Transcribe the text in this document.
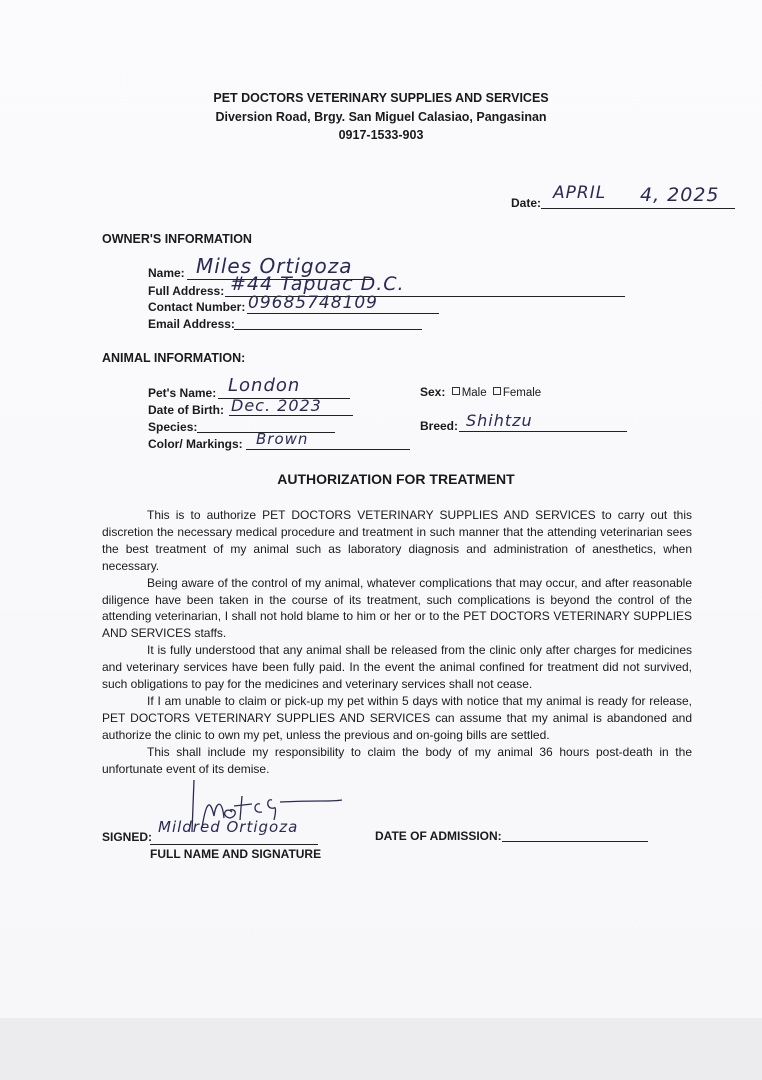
PET DOCTORS VETERINARY SUPPLIES AND SERVICES
Diversion Road, Brgy. San Miguel Calasiao, Pangasinan
0917-1533-903
Date: APRIL 4, 2025
OWNER'S INFORMATION
Name: Miles Ortigoza
Full Address: #44 Tapuac D.C.
Contact Number: 09685748109
Email Address:
ANIMAL INFORMATION:
Pet's Name: London
Date of Birth: Dec. 2023
Species:
Color/ Markings: Brown
Sex: Male Female
Breed: Shihtzu
AUTHORIZATION FOR TREATMENT

This is to authorize PET DOCTORS VETERINARY SUPPLIES AND SERVICES to carry out this discretion the necessary medical procedure and treatment in such manner that the attending veterinarian sees the best treatment of my animal such as laboratory diagnosis and administration of anesthetics, when necessary.

Being aware of the control of my animal, whatever complications that may occur, and after reasonable diligence have been taken in the course of its treatment, such complications is beyond the control of the attending veterinarian, I shall not hold blame to him or her or to the PET DOCTORS VETERINARY SUPPLIES AND SERVICES staffs.

It is fully understood that any animal shall be released from the clinic only after charges for medicines and veterinary services have been fully paid. In the event the animal confined for treatment did not survived, such obligations to pay for the medicines and veterinary services shall not cease.

If I am unable to claim or pick-up my pet within 5 days with notice that my animal is ready for release, PET DOCTORS VETERINARY SUPPLIES AND SERVICES can assume that my animal is abandoned and authorize the clinic to own my pet, unless the previous and on-going bills are settled.

This shall include my responsibility to claim the body of my animal 36 hours post-death in the unfortunate event of its demise.

SIGNED:
Mildred Ortigoza
FULL NAME AND SIGNATURE
DATE OF ADMISSION:
